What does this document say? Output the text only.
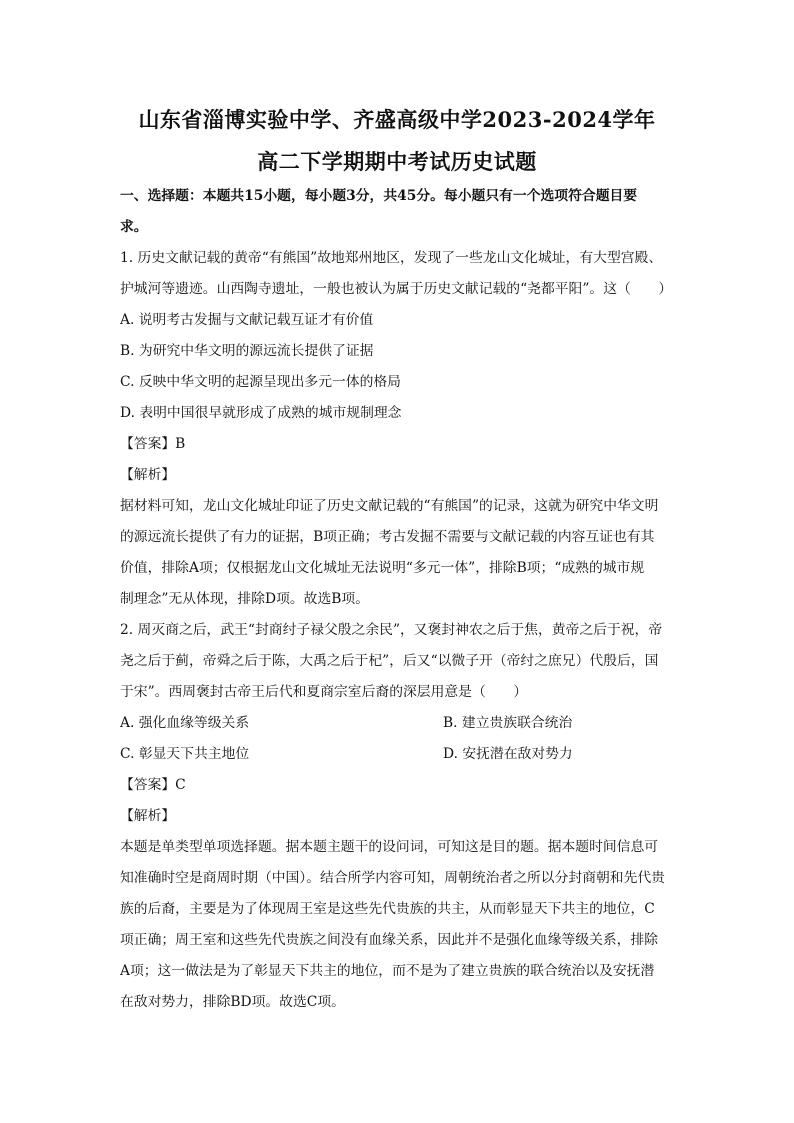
山东省淄博实验中学、齐盛高级中学2023-2024学年
高二下学期期中考试历史试题
一、选择题：本题共15小题，每小题3分，共45分。每小题只有一个选项符合题目要
求。
1. 历史文献记载的黄帝“有熊国”故地郑州地区，发现了一些龙山文化城址，有大型宫殿、
护城河等遗迹。山西陶寺遗址，一般也被认为属于历史文献记载的“尧都平阳”。这（　　）
A. 说明考古发掘与文献记载互证才有价值
B. 为研究中华文明的源远流长提供了证据
C. 反映中华文明的起源呈现出多元一体的格局
D. 表明中国很早就形成了成熟的城市规制理念
【答案】B
【解析】
据材料可知，龙山文化城址印证了历史文献记载的“有熊国”的记录，这就为研究中华文明
的源远流长提供了有力的证据，B项正确；考古发掘不需要与文献记载的内容互证也有其
价值，排除A项；仅根据龙山文化城址无法说明“多元一体”，排除B项；“成熟的城市规
制理念”无从体现，排除D项。故选B项。
2. 周灭商之后，武王“封商纣子禄父殷之余民”，又褒封神农之后于焦，黄帝之后于祝，帝
尧之后于蓟，帝舜之后于陈，大禹之后于杞”，后又“以微子开（帝纣之庶兄）代殷后，国
于宋”。西周褒封古帝王后代和夏商宗室后裔的深层用意是（　　）
A. 强化血缘等级关系	B. 建立贵族联合统治
C. 彰显天下共主地位	D. 安抚潜在敌对势力
【答案】C
【解析】
本题是单类型单项选择题。据本题主题干的设问词，可知这是目的题。据本题时间信息可
知准确时空是商周时期（中国）。结合所学内容可知，周朝统治者之所以分封商朝和先代贵
族的后裔，主要是为了体现周王室是这些先代贵族的共主，从而彰显天下共主的地位，C
项正确；周王室和这些先代贵族之间没有血缘关系，因此并不是强化血缘等级关系，排除
A项；这一做法是为了彰显天下共主的地位，而不是为了建立贵族的联合统治以及安抚潜
在敌对势力，排除BD项。故选C项。
